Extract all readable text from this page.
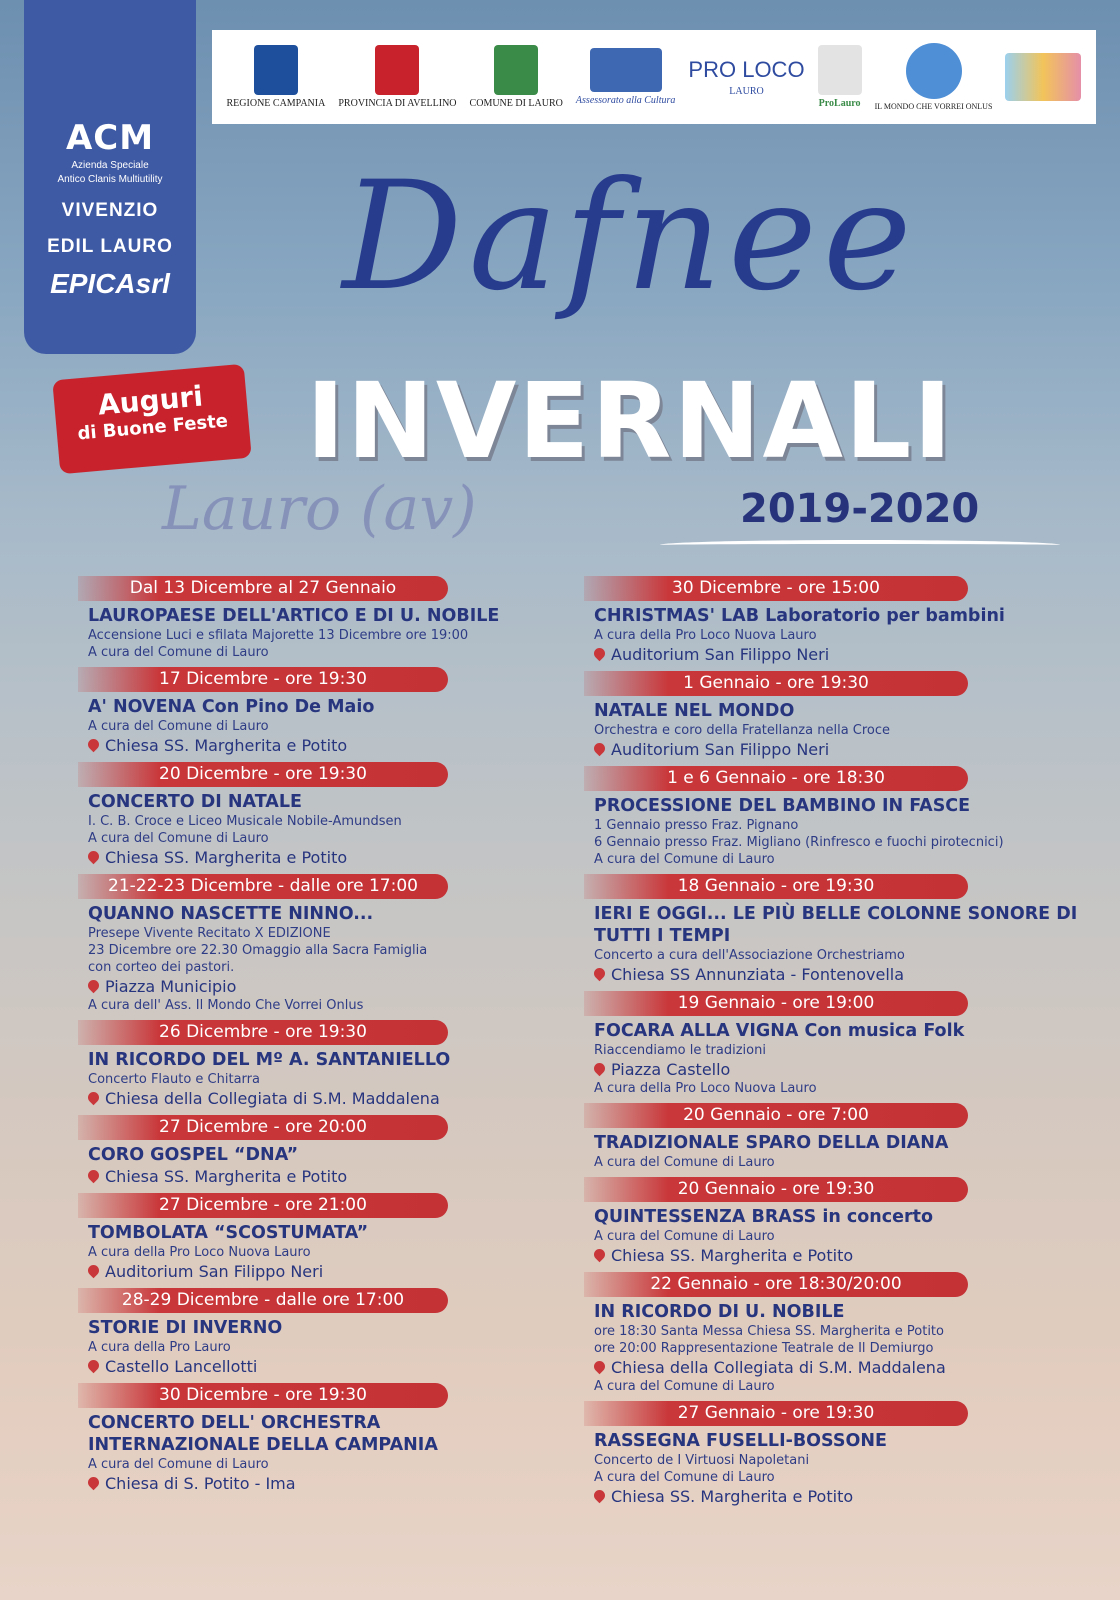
ACM
Azienda Speciale
Antico Clanis Multiutility
VIVENZIO
EDIL LAURO
EPICAsrl
REGIONE CAMPANIA PROVINCIA DI AVELLINO COMUNE DI LAURO Assessorato alla Cultura
PRO LOCO
LAURO
ProLauro IL MONDO CHE VORREI ONLUS
Auguri
di Buone Feste
Dafnee
INVERNALI
Lauro (av)	2019-2020
Dal 13 Dicembre al 27 Gennaio
LAUROPAESE DELL'ARTICO E DI U. NOBILE
Accensione Luci e sfilata Majorette 13 Dicembre ore 19:00
A cura del Comune di Lauro
17 Dicembre - ore 19:30
A' NOVENA Con Pino De Maio
A cura del Comune di Lauro
Chiesa SS. Margherita e Potito
20 Dicembre - ore 19:30
CONCERTO DI NATALE
I. C. B. Croce e Liceo Musicale Nobile-Amundsen
A cura del Comune di Lauro
Chiesa SS. Margherita e Potito
21-22-23 Dicembre - dalle ore 17:00
QUANNO NASCETTE NINNO...
Presepe Vivente Recitato X EDIZIONE
23 Dicembre ore 22.30 Omaggio alla Sacra Famiglia
con corteo dei pastori.
Piazza Municipio
A cura dell' Ass. Il Mondo Che Vorrei Onlus
26 Dicembre - ore 19:30
IN RICORDO DEL Mº A. SANTANIELLO
Concerto Flauto e Chitarra
Chiesa della Collegiata di S.M. Maddalena
27 Dicembre - ore 20:00
CORO GOSPEL “DNA”
Chiesa SS. Margherita e Potito
27 Dicembre - ore 21:00
TOMBOLATA “SCOSTUMATA”
A cura della Pro Loco Nuova Lauro
Auditorium San Filippo Neri
28-29 Dicembre - dalle ore 17:00
STORIE DI INVERNO
A cura della Pro Lauro
Castello Lancellotti
30 Dicembre - ore 19:30
CONCERTO DELL' ORCHESTRA INTERNAZIONALE DELLA CAMPANIA
A cura del Comune di Lauro
Chiesa di S. Potito - Ima
30 Dicembre - ore 15:00
CHRISTMAS' LAB Laboratorio per bambini
A cura della Pro Loco Nuova Lauro
Auditorium San Filippo Neri
1 Gennaio - ore 19:30
NATALE NEL MONDO
Orchestra e coro della Fratellanza nella Croce
Auditorium San Filippo Neri
1 e 6 Gennaio - ore 18:30
PROCESSIONE DEL BAMBINO IN FASCE
1 Gennaio presso Fraz. Pignano
6 Gennaio presso Fraz. Migliano (Rinfresco e fuochi pirotecnici)
A cura del Comune di Lauro
18 Gennaio - ore 19:30
IERI E OGGI... LE PIÙ BELLE COLONNE SONORE DI TUTTI I TEMPI
Concerto a cura dell'Associazione Orchestriamo
Chiesa SS Annunziata - Fontenovella
19 Gennaio - ore 19:00
FOCARA ALLA VIGNA Con musica Folk
Riaccendiamo le tradizioni
Piazza Castello
A cura della Pro Loco Nuova Lauro
20 Gennaio - ore 7:00
TRADIZIONALE SPARO DELLA DIANA
A cura del Comune di Lauro
20 Gennaio - ore 19:30
QUINTESSENZA BRASS in concerto
A cura del Comune di Lauro
Chiesa SS. Margherita e Potito
22 Gennaio - ore 18:30/20:00
IN RICORDO DI U. NOBILE
ore 18:30 Santa Messa Chiesa SS. Margherita e Potito
ore 20:00 Rappresentazione Teatrale de Il Demiurgo
Chiesa della Collegiata di S.M. Maddalena
A cura del Comune di Lauro
27 Gennaio - ore 19:30
RASSEGNA FUSELLI-BOSSONE
Concerto de I Virtuosi Napoletani
A cura del Comune di Lauro
Chiesa SS. Margherita e Potito
